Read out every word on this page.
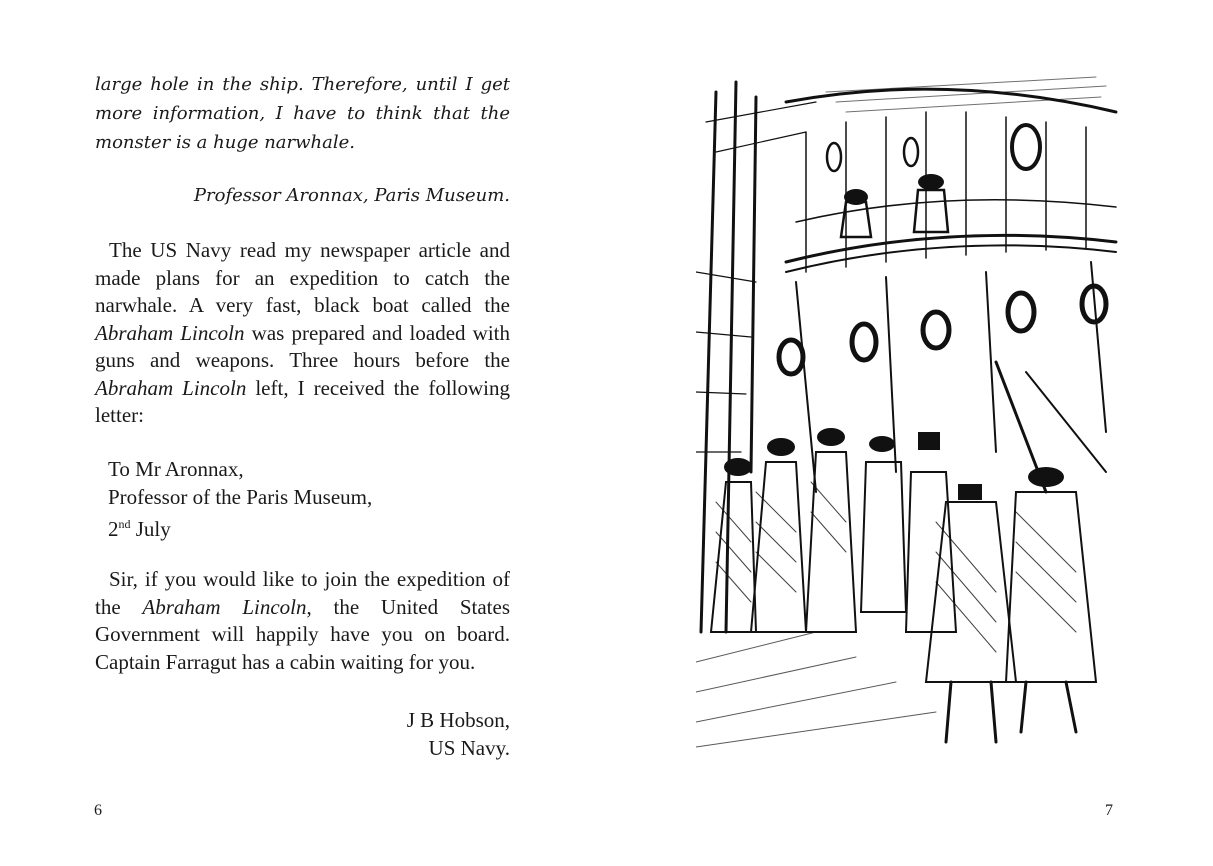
large hole in the ship. Therefore, until I get more information, I have to think that the monster is a huge narwhale.
Professor Aronnax, Paris Museum.
The US Navy read my newspaper article and made plans for an expedition to catch the narwhale. A very fast, black boat called the Abraham Lincoln was prepared and loaded with guns and weapons. Three hours before the Abraham Lincoln left, I received the following letter:
To Mr Aronnax,
Professor of the Paris Museum,
2nd July
Sir, if you would like to join the expedition of the Abraham Lincoln, the United States Government will happily have you on board. Captain Farragut has a cabin waiting for you.
J B Hobson,
US Navy.
6	7
